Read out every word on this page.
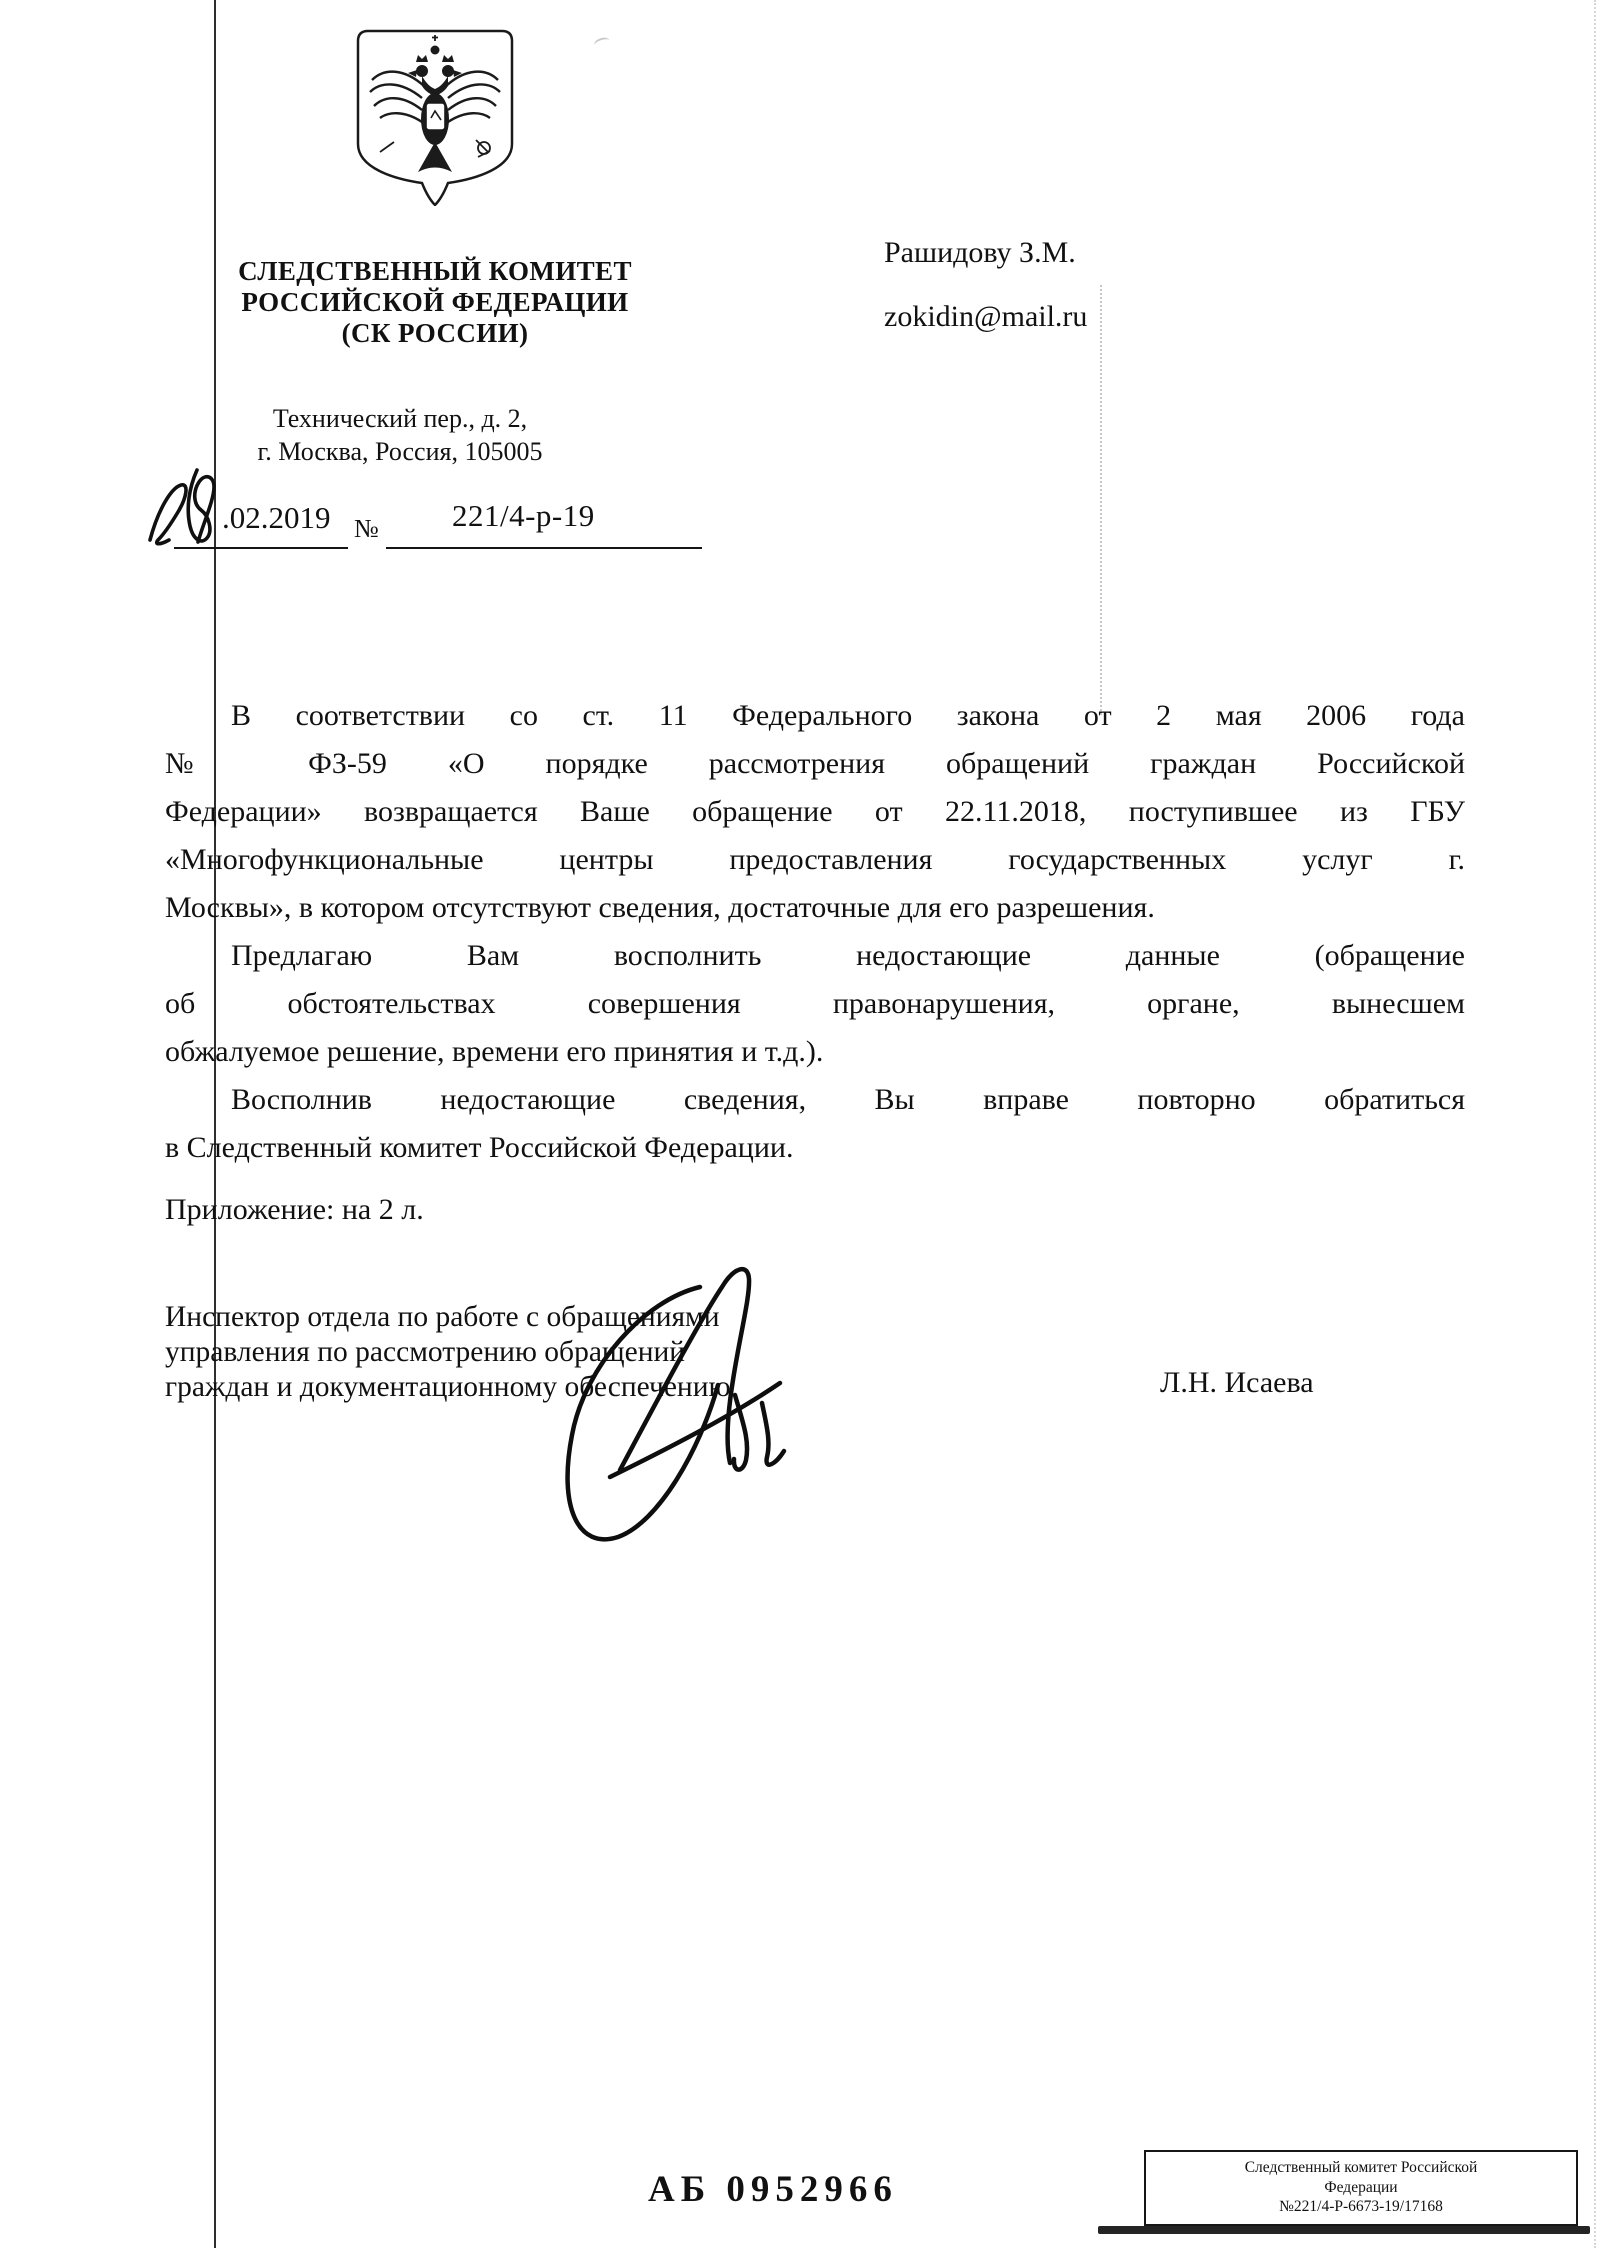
СЛЕДСТВЕННЫЙ КОМИТЕТ
РОССИЙСКОЙ ФЕДЕРАЦИИ
(СК РОССИИ)
Технический пер., д. 2,
г. Москва, Россия, 105005
.02.2019 № 221/4-р-19
Рашидову З.М.
zokidin@mail.ru
В соответствии со ст. 11 Федерального закона от 2 мая 2006 года
№ ФЗ-59 «О порядке рассмотрения обращений граждан Российской
Федерации» возвращается Ваше обращение от 22.11.2018, поступившее из ГБУ
«Многофункциональные центры предоставления государственных услуг г.
Москвы», в котором отсутствуют сведения, достаточные для его разрешения.
Предлагаю Вам восполнить недостающие данные (обращение
об обстоятельствах совершения правонарушения, органе, вынесшем
обжалуемое решение, времени его принятия и т.д.).
Восполнив недостающие сведения, Вы вправе повторно обратиться
в Следственный комитет Российской Федерации.
Приложение: на 2 л.
Инспектор отдела по работе с обращениями
управления по рассмотрению обращений
граждан и документационному обеспечению	Л.Н. Исаева
АБ 0952966
Следственный комитет Российской
Федерации
№221/4-Р-6673-19/17168
